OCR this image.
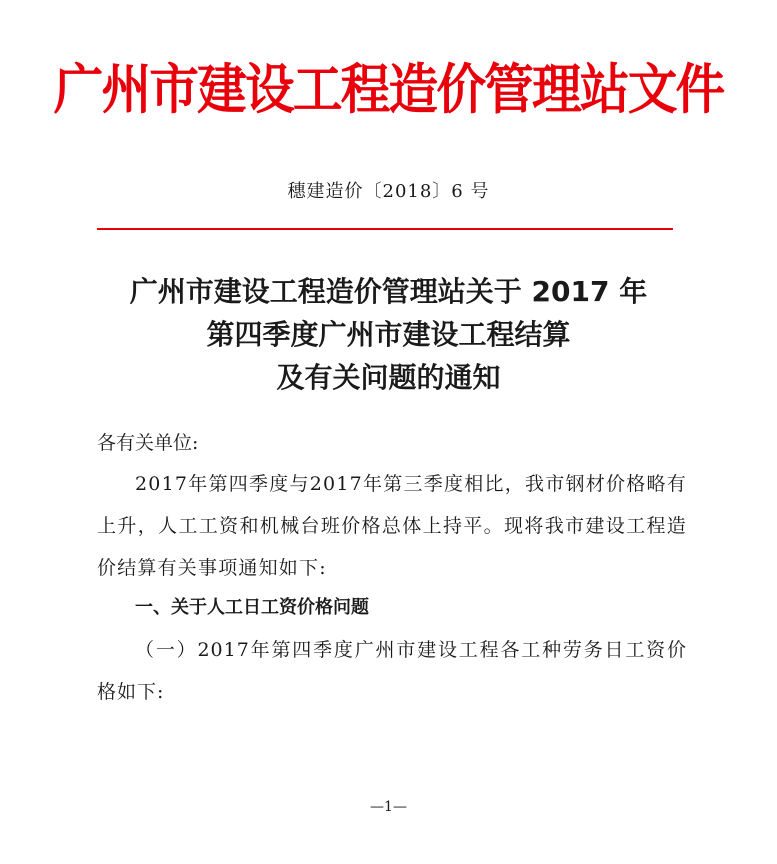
广州市建设工程造价管理站文件
穗建造价〔2018〕6 号
广州市建设工程造价管理站关于 2017 年
第四季度广州市建设工程结算
及有关问题的通知
各有关单位:
2017年第四季度与2017年第三季度相比，我市钢材价格略有上升，人工工资和机械台班价格总体上持平。现将我市建设工程造价结算有关事项通知如下:
一、关于人工日工资价格问题
（一）2017年第四季度广州市建设工程各工种劳务日工资价格如下:
—1—
